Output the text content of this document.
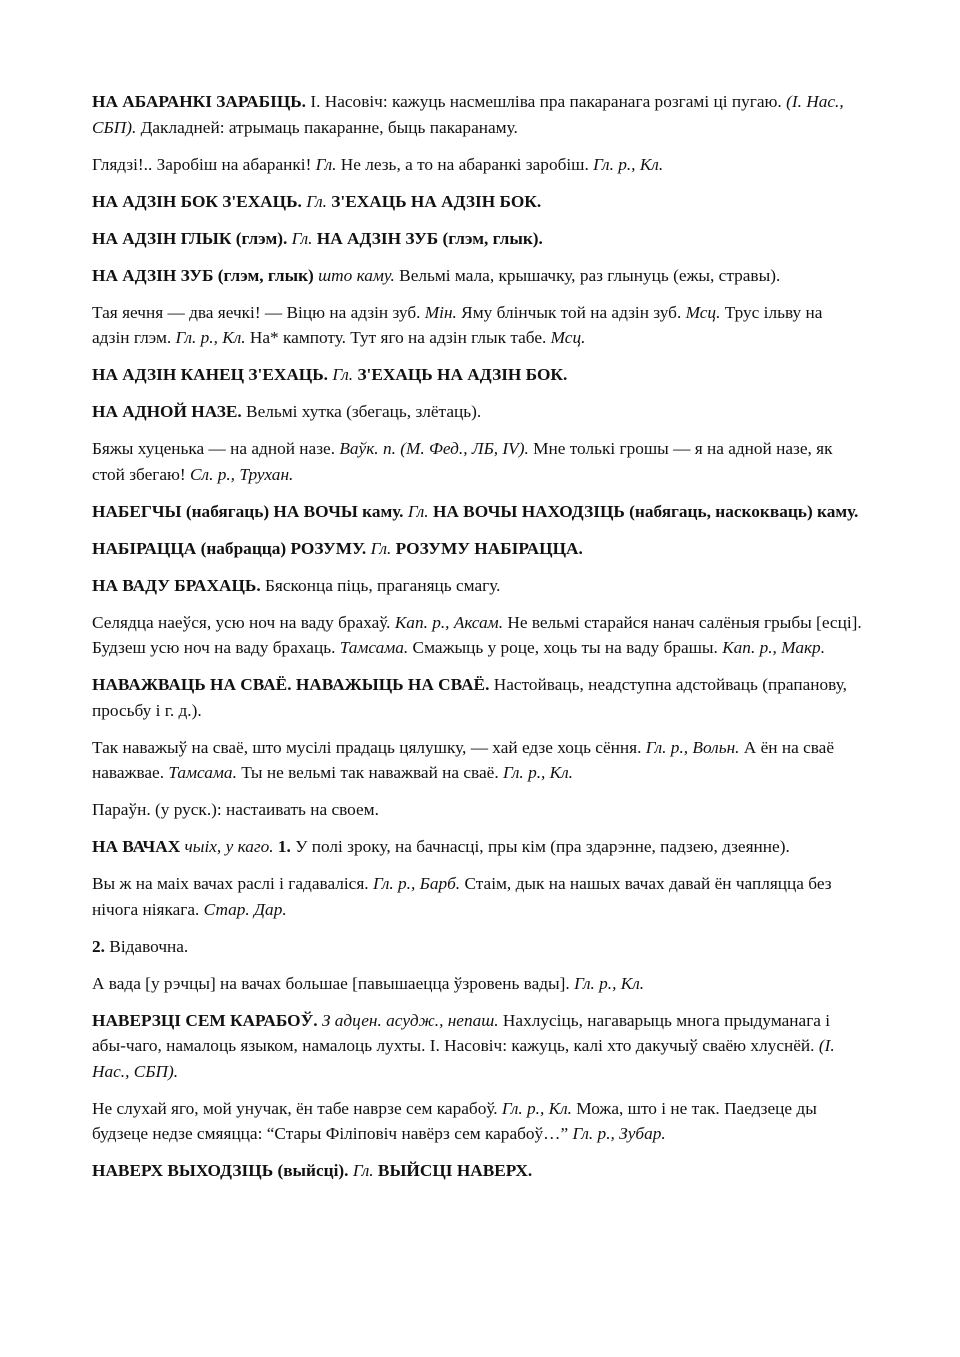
НА АБАРАНКІ ЗАРАБІЦЬ. І. Насовіч: кажуць насмешліва пра пакаранага розгамі ці пугаю. (І. Нас., СБП). Дакладней: атрымаць пакаранне, быць пакаранаму.

Глядзі!.. Заробіш на абаранкі! Гл. Не лезь, а то на абаранкі заробіш. Гл. р., Кл.

НА АДЗІН БОК З'ЕХАЦЬ. Гл. З'ЕХАЦЬ НА АДЗІН БОК.

НА АДЗІН ГЛЫК (глэм). Гл. НА АДЗІН ЗУБ (глэм, глык).

НА АДЗІН ЗУБ (глэм, глык) што каму. Вельмі мала, крышачку, раз глынуць (ежы, стравы).

Тая яечня — два яечкі! — Віцю на адзін зуб. Мін. Яму блінчык той на адзін зуб. Мсц. Трус ільву на адзін глэм. Гл. р., Кл. На* кампоту. Тут яго на адзін глык табе. Мсц.

НА АДЗІН КАНЕЦ З'ЕХАЦЬ. Гл. З'ЕХАЦЬ НА АДЗІН БОК.

НА АДНОЙ НАЗЕ. Вельмі хутка (збегаць, злётаць).

Бяжы хуценька — на адной назе. Ваўк. п. (М. Фед., ЛБ, IV). Мне толькі грошы — я на адной назе, як стой збегаю! Сл. р., Трухан.

НАБЕГЧЫ (набягаць) НА ВОЧЫ каму. Гл. НА ВОЧЫ НАХОДЗІЦЬ (набягаць, наскокваць) каму.

НАБІРАЦЦА (набрацца) РОЗУМУ. Гл. РОЗУМУ НАБІРАЦЦА.

НА ВАДУ БРАХАЦЬ. Бясконца піць, праганяць смагу.

Селядца наеўся, усю ноч на ваду брахаў. Кап. р., Аксам. Не вельмі старайся нанач салёныя грыбы [есці]. Будзеш усю ноч на ваду брахаць. Тамсама. Смажыць у роце, хоць ты на ваду брашы. Кап. р., Макр.

НАВАЖВАЦЬ НА СВАЁ. НАВАЖЫЦЬ НА СВАЁ. Настойваць, неадступна адстойваць (прапанову, просьбу і г. д.).

Так наважыў на сваё, што мусілі прадаць цялушку, — хай едзе хоць сёння. Гл. р., Вольн. А ён на сваё наважвае. Тамсама. Ты не вельмі так наважвай на сваё. Гл. р., Кл.

Параўн. (у руск.): настаивать на своем.

НА ВАЧАХ чыіх, у каго. 1. У полі зроку, на бачнасці, пры кім (пра здарэнне, падзею, дзеянне).

Вы ж на маіх вачах раслі і гадаваліся. Гл. р., Барб. Стаім, дык на нашых вачах давай ён чапляцца без нічога ніякага. Стар. Дар.

2. Відавочна.

А вада [у рэчцы] на вачах большае [павышаецца ўзровень вады]. Гл. р., Кл.

НАВЕРЗЦІ СЕМ КАРАБОЎ. З адцен. асудж., непаш. Нахлусіць, нагаварыць многа прыдуманага і абы-чаго, намалоць языком, намалоць лухты. І. Насовіч: кажуць, калі хто дакучыў сваёю хлуснёй. (І. Нас., СБП).

Не слухай яго, мой унучак, ён табе наврзе сем карабоў. Гл. р., Кл. Можа, што і не так. Паедзеце ды будзеце недзе смяяцца: “Стары Філіповіч навёрз сем карабоў…” Гл. р., Зубар.

НАВЕРХ ВЫХОДЗІЦЬ (выйсці). Гл. ВЫЙСЦІ НАВЕРХ.
